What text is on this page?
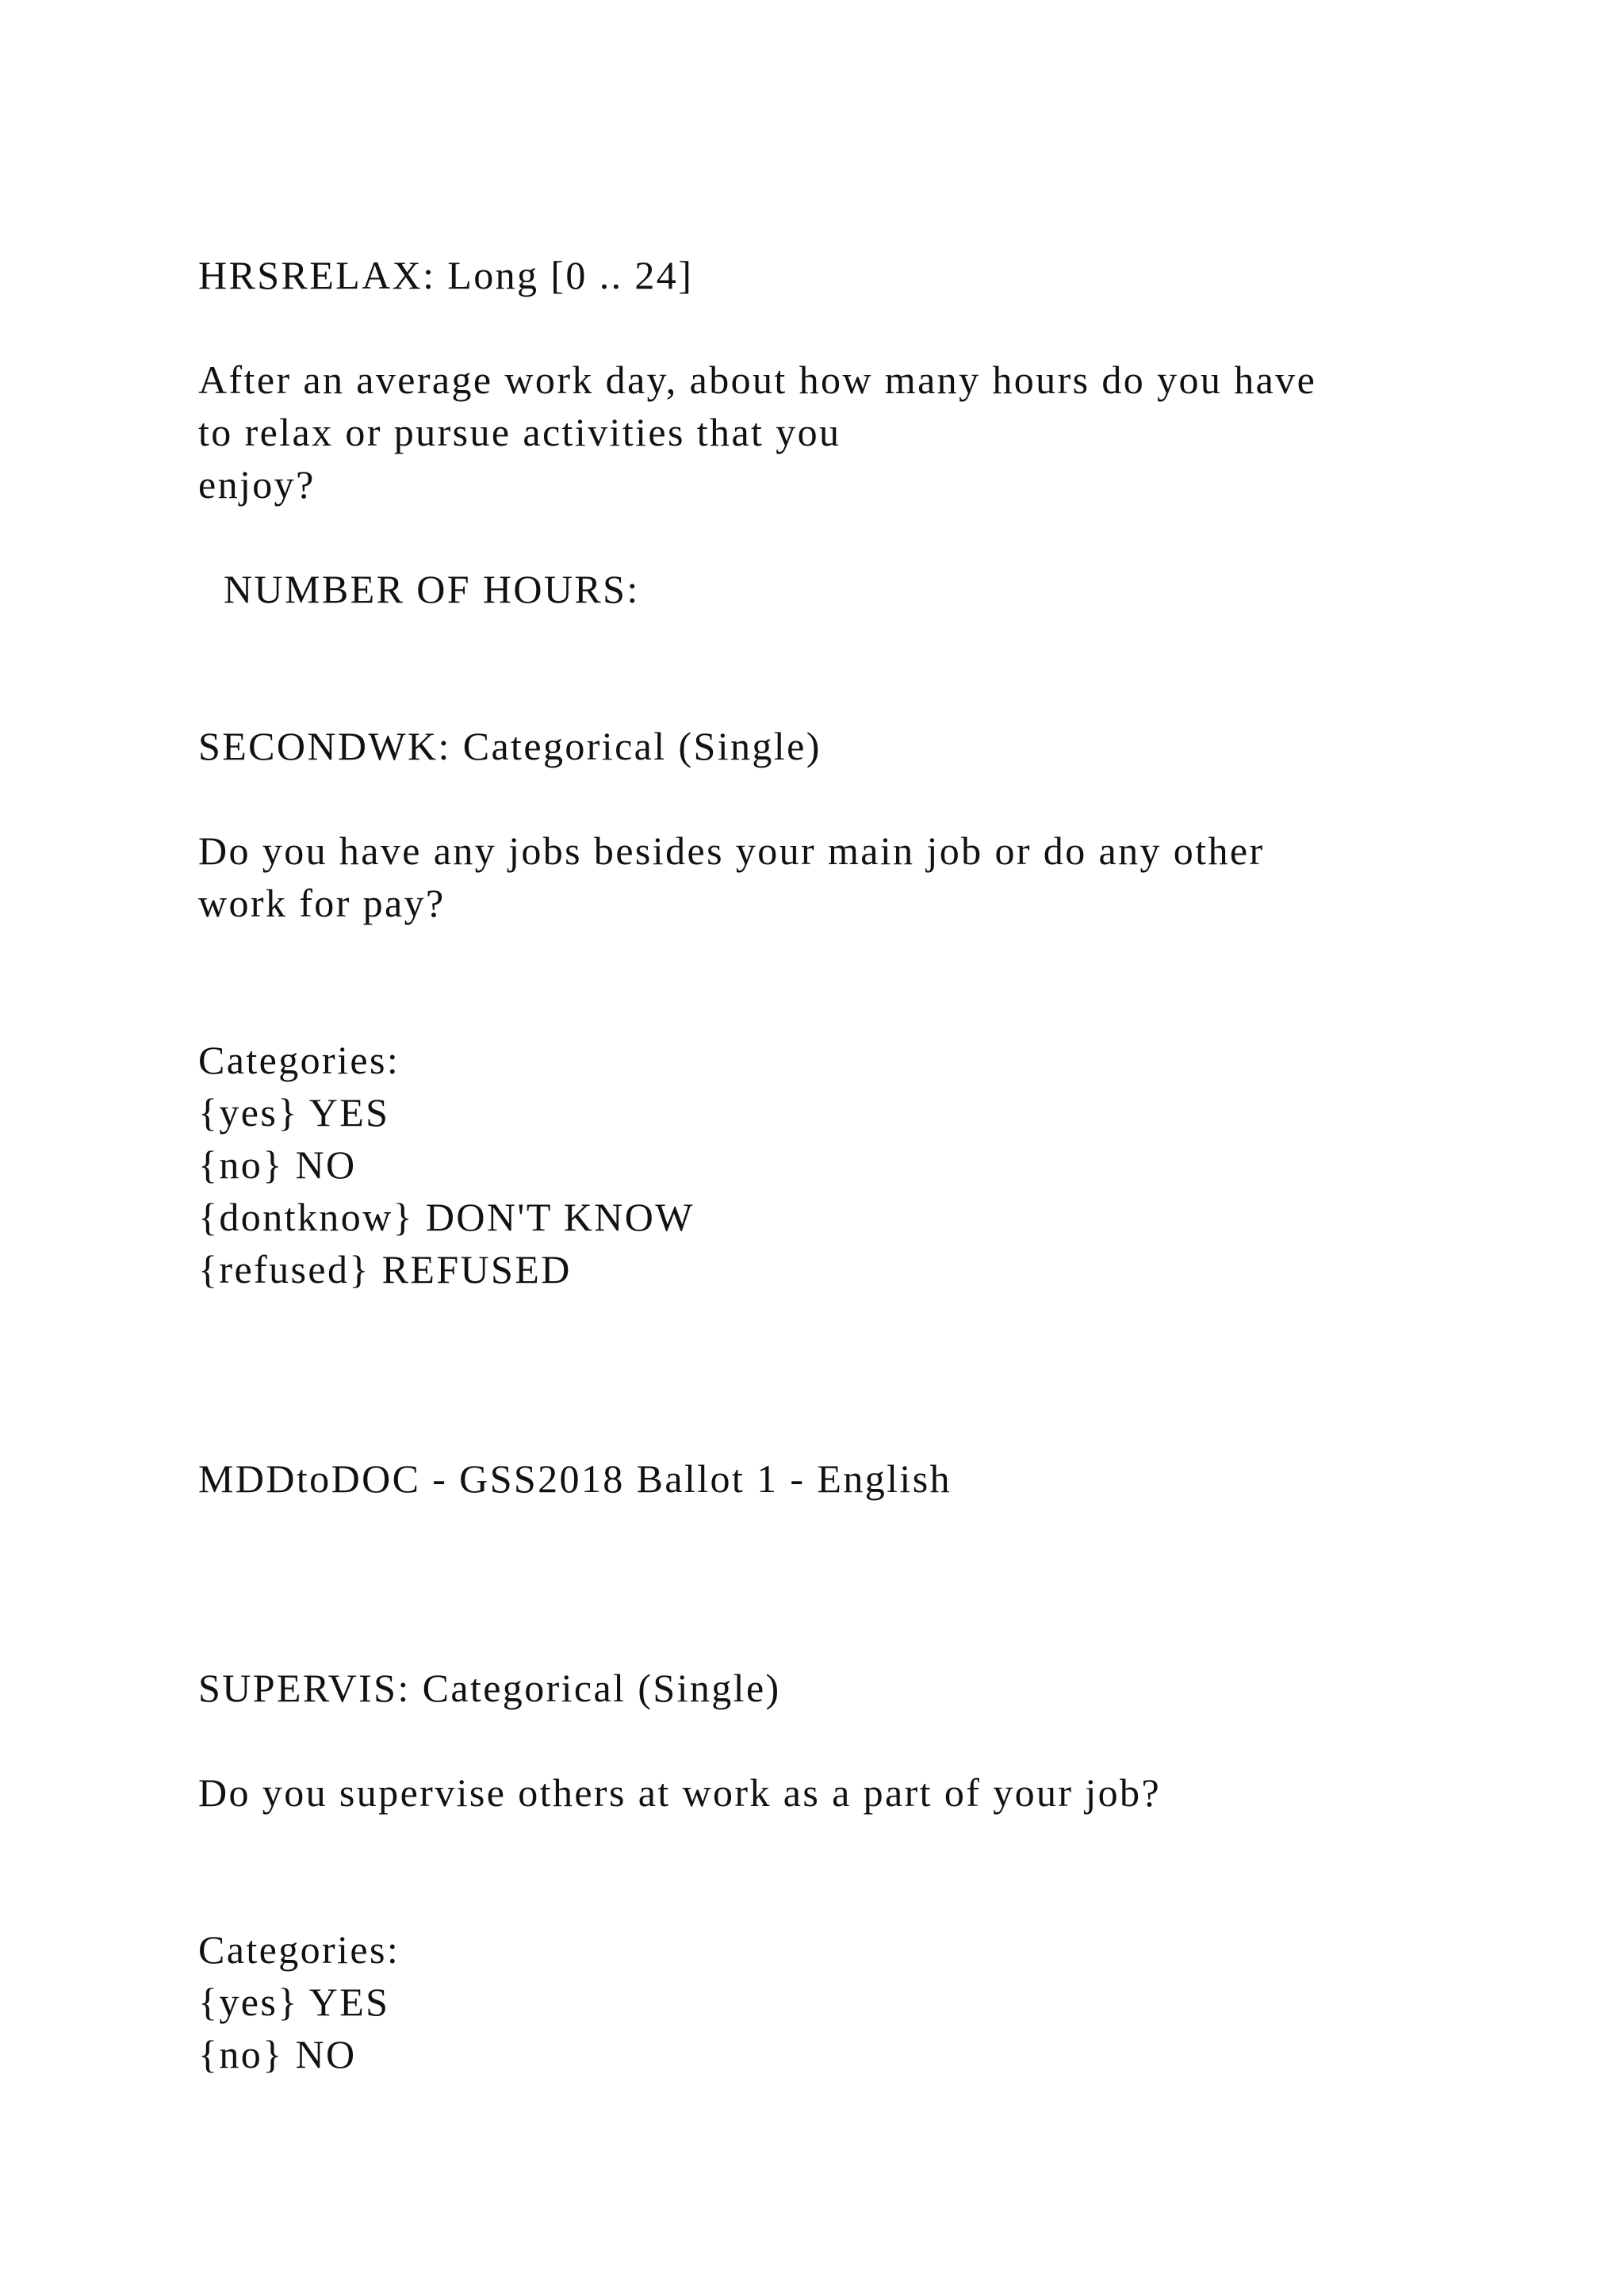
HRSRELAX: Long [0 .. 24]
After an average work day, about how many hours do you have
to relax or pursue activities that you
enjoy?
NUMBER OF HOURS:
SECONDWK: Categorical (Single)
Do you have any jobs besides your main job or do any other
work for pay?
Categories:
{yes} YES
{no} NO
{dontknow} DON'T KNOW
{refused} REFUSED
MDDtoDOC - GSS2018 Ballot 1 - English
SUPERVIS: Categorical (Single)
Do you supervise others at work as a part of your job?
Categories:
{yes} YES
{no} NO
